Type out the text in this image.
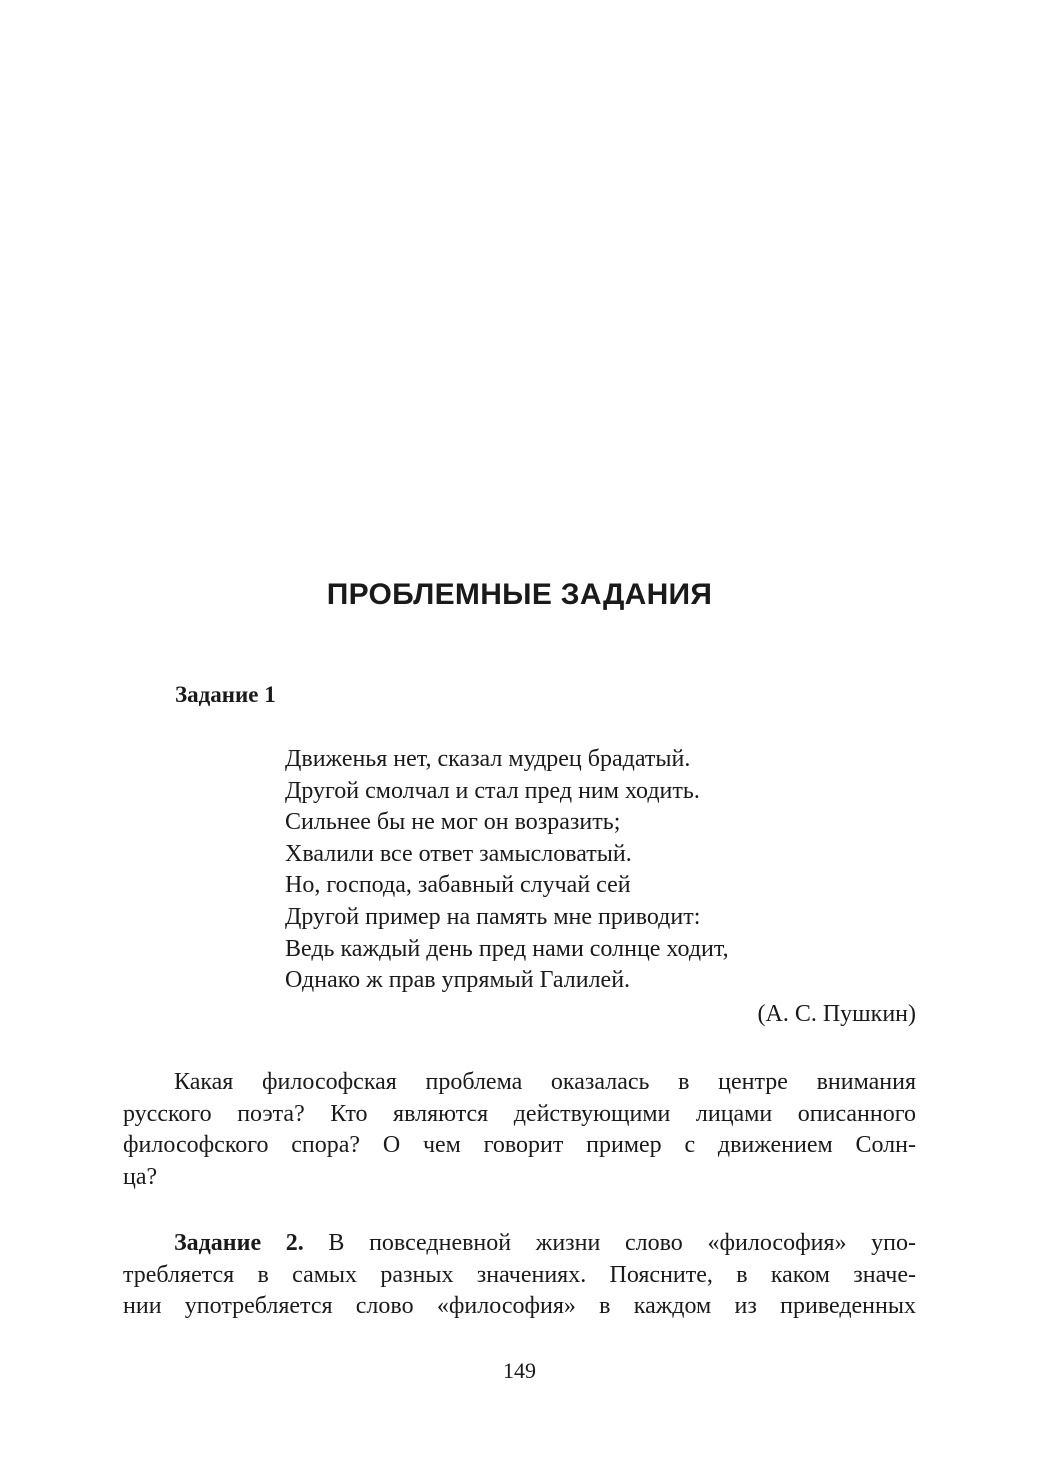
ПРОБЛЕМНЫЕ ЗАДАНИЯ
Задание 1
Движенья нет, сказал мудрец брадатый.
Другой смолчал и стал пред ним ходить.
Сильнее бы не мог он возразить;
Хвалили все ответ замысловатый.
Но, господа, забавный случай сей
Другой пример на память мне приводит:
Ведь каждый день пред нами солнце ходит,
Однако ж прав упрямый Галилей.

(А. С. Пушкин)

Какая философская проблема оказалась в центре внимания
русского поэта? Кто являются действующими лицами описанного
философского спора? О чем говорит пример с движением Солн-
ца?

Задание 2. В повседневной жизни слово «философия» упо-
требляется в самых разных значениях. Поясните, в каком значе-
нии употребляется слово «философия» в каждом из приведенных

149
